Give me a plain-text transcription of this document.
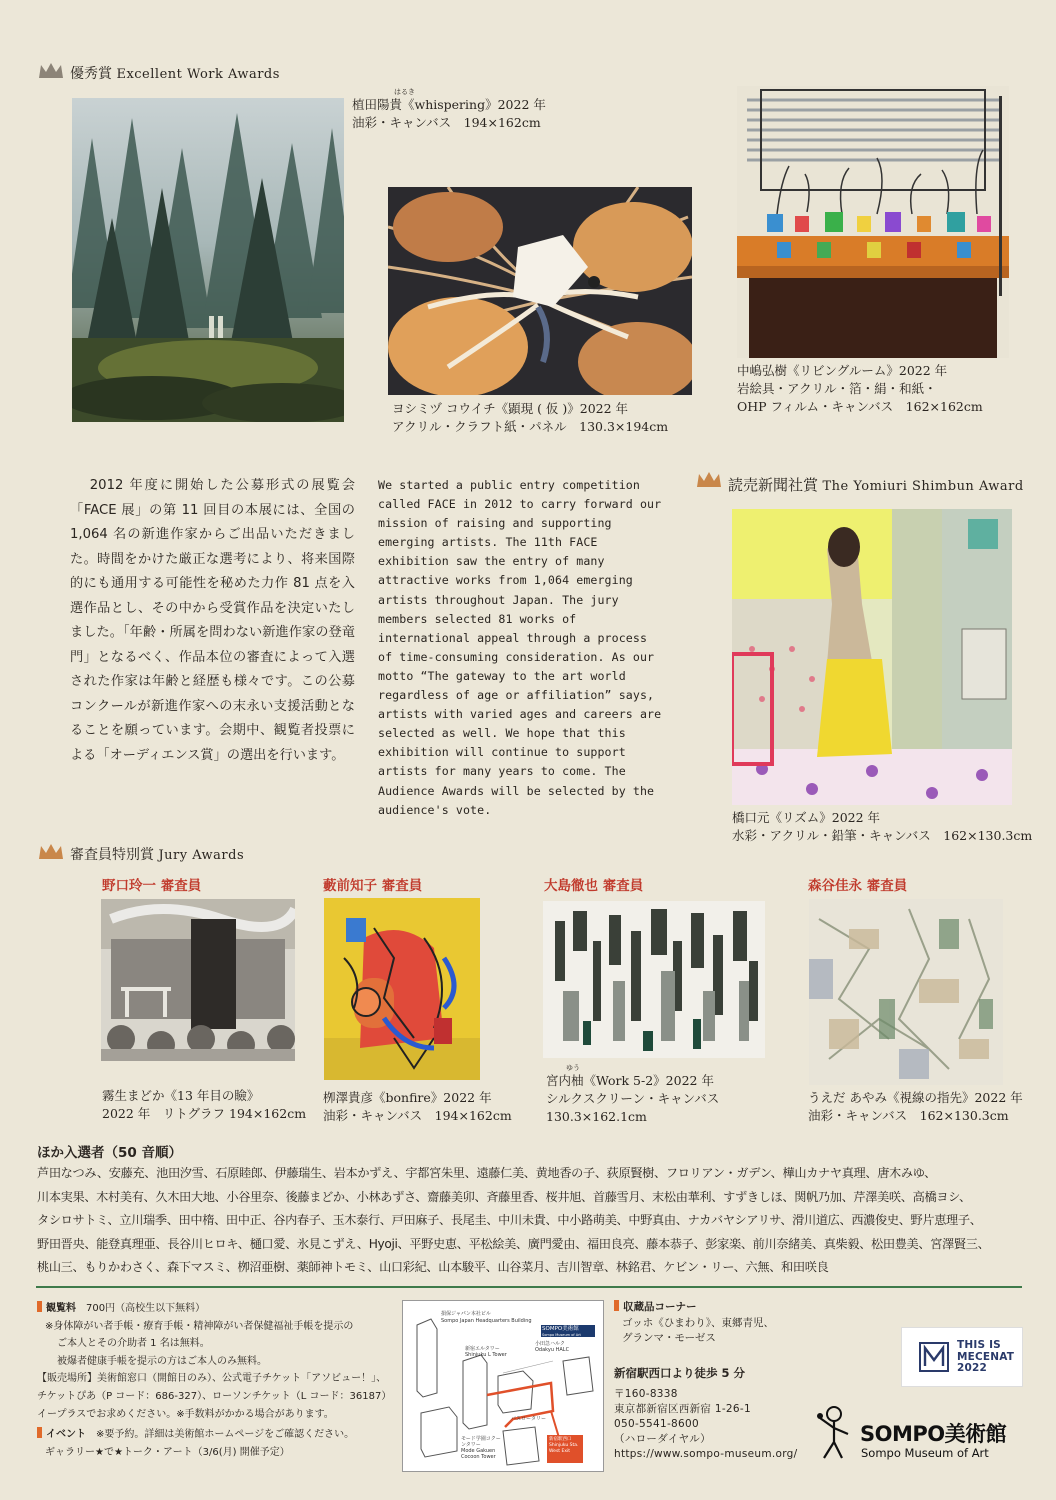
優秀賞 Excellent Work Awards
はるき
植田陽貴《whispering》2022 年
油彩・キャンバス　194×162cm
ヨシミヅ コウイチ《顕現 ( 仮 )》2022 年
アクリル・クラフト紙・パネル　130.3×194cm
中嶋弘樹《リビングルーム》2022 年
岩絵具・アクリル・箔・絹・和紙・
OHP フィルム・キャンバス　162×162cm
2012 年度に開始した公募形式の展覧会「FACE 展」の第 11 回目の本展には、全国の 1,064 名の新進作家からご出品いただきました。時間をかけた厳正な選考により、将来国際的にも通用する可能性を秘めた力作 81 点を入選作品とし、その中から受賞作品を決定いたしました。「年齢・所属を問わない新進作家の登竜門」となるべく、作品本位の審査によって入選された作家は年齢と経歴も様々です。この公募コンクールが新進作家への末永い支援活動となることを願っています。会期中、観覧者投票による「オーディエンス賞」の選出を行います。
We started a public entry competition called FACE in 2012 to carry forward our mission of raising and supporting emerging artists. The 11th FACE exhibition saw the entry of many attractive works from 1,064 emerging artists throughout Japan. The jury members selected 81 works of international appeal through a process of time-consuming consideration. As our motto “The gateway to the art world regardless of age or affiliation” says, artists with varied ages and careers are selected as well. We hope that this exhibition will continue to support artists for many years to come. The Audience Awards will be selected by the audience's vote.
読売新聞社賞 The Yomiuri Shimbun Award
橋口元《リズム》2022 年
水彩・アクリル・鉛筆・キャンバス　162×130.3cm
審査員特別賞 Jury Awards
野口玲一 審査員
霧生まどか《13 年目の瞼》
2022 年　リトグラフ 194×162cm
藪前知子 審査員
栁澤貴彦《bonfire》2022 年
油彩・キャンバス　194×162cm
大島徹也 審査員
ゆう
宮内柚《Work 5-2》2022 年
シルクスクリーン・キャンバス
130.3×162.1cm
森谷佳永 審査員
うえだ あやみ《視線の指先》2022 年
油彩・キャンバス　162×130.3cm
ほか入選者（50 音順）
芦田なつみ、安藤充、池田汐雪、石原睦郎、伊藤瑞生、岩本かずえ、宇都宮朱里、遠藤仁美、黄地香の子、荻原賢樹、フロリアン・ガデン、樺山カナヤ真理、唐木みゆ、
川本実果、木村美有、久木田大地、小谷里奈、後藤まどか、小林あずさ、齋藤美卯、斉藤里香、桜井旭、首藤雪月、末松由華利、すずきしほ、関帆乃加、芹澤美咲、高橋ヨシ、
タシロサトミ、立川瑞季、田中楕、田中正、谷内春子、玉木泰行、戸田麻子、長尾圭、中川未貴、中小路萌美、中野真由、ナカバヤシアリサ、滑川道広、西濃俊史、野片恵理子、
野田晋央、能登真理亜、長谷川ヒロキ、樋口愛、氷見こずえ、Hyoji、平野史恵、平松絵美、廣門愛由、福田良亮、藤本恭子、彭家楽、前川奈緒美、真柴毅、松田豊美、宮澤賢三、
桃山三、もりかわさく、森下マスミ、栁沼亜樹、薬師神トモミ、山口彩紀、山本駿平、山谷菜月、吉川智章、林銘君、ケビン・リー、六無、和田咲良
観覧料　 700円（高校生以下無料）
※身体障がい者手帳・療育手帳・精神障がい者保健福祉手帳を提示の
ご本人とその介助者 1 名は無料。
被爆者健康手帳を提示の方はご本人のみ無料。
【販売場所】美術館窓口（開館日のみ）、公式電子チケット「アソビュー！」、
チケットぴあ（P コード：686-327）、ローソンチケット（L コード：36187）
イープラスでお求めください。※手数料がかかる場合があります。
イベント　 ※要予約。詳細は美術館ホームページをご確認ください。
ギャラリー★で★トーク・アート（3/6(月) 開催予定）
損保ジャパン本社ビル
Sompo Japan Headquarters Building
SOMPO美術館
Sompo Museum of Art
新宿エルタワー
Shinjuku L Tower
小田急ハルク
Odakyu HALC
バスロータリー
モード学園コクーンタワー
Mode Gakuen Cocoon Tower
新宿駅西口
Shinjuku Sta. West Exit
収蔵品コーナー
ゴッホ《ひまわり》、東郷青児、
グランマ・モーゼス
新宿駅西口より徒歩 5 分
〒160-8338
東京都新宿区西新宿 1-26-1
050-5541-8600
（ハローダイヤル）
https://www.sompo-museum.org/
THIS IS
MECENAT
2022
SOMPO美術館
Sompo Museum of Art
